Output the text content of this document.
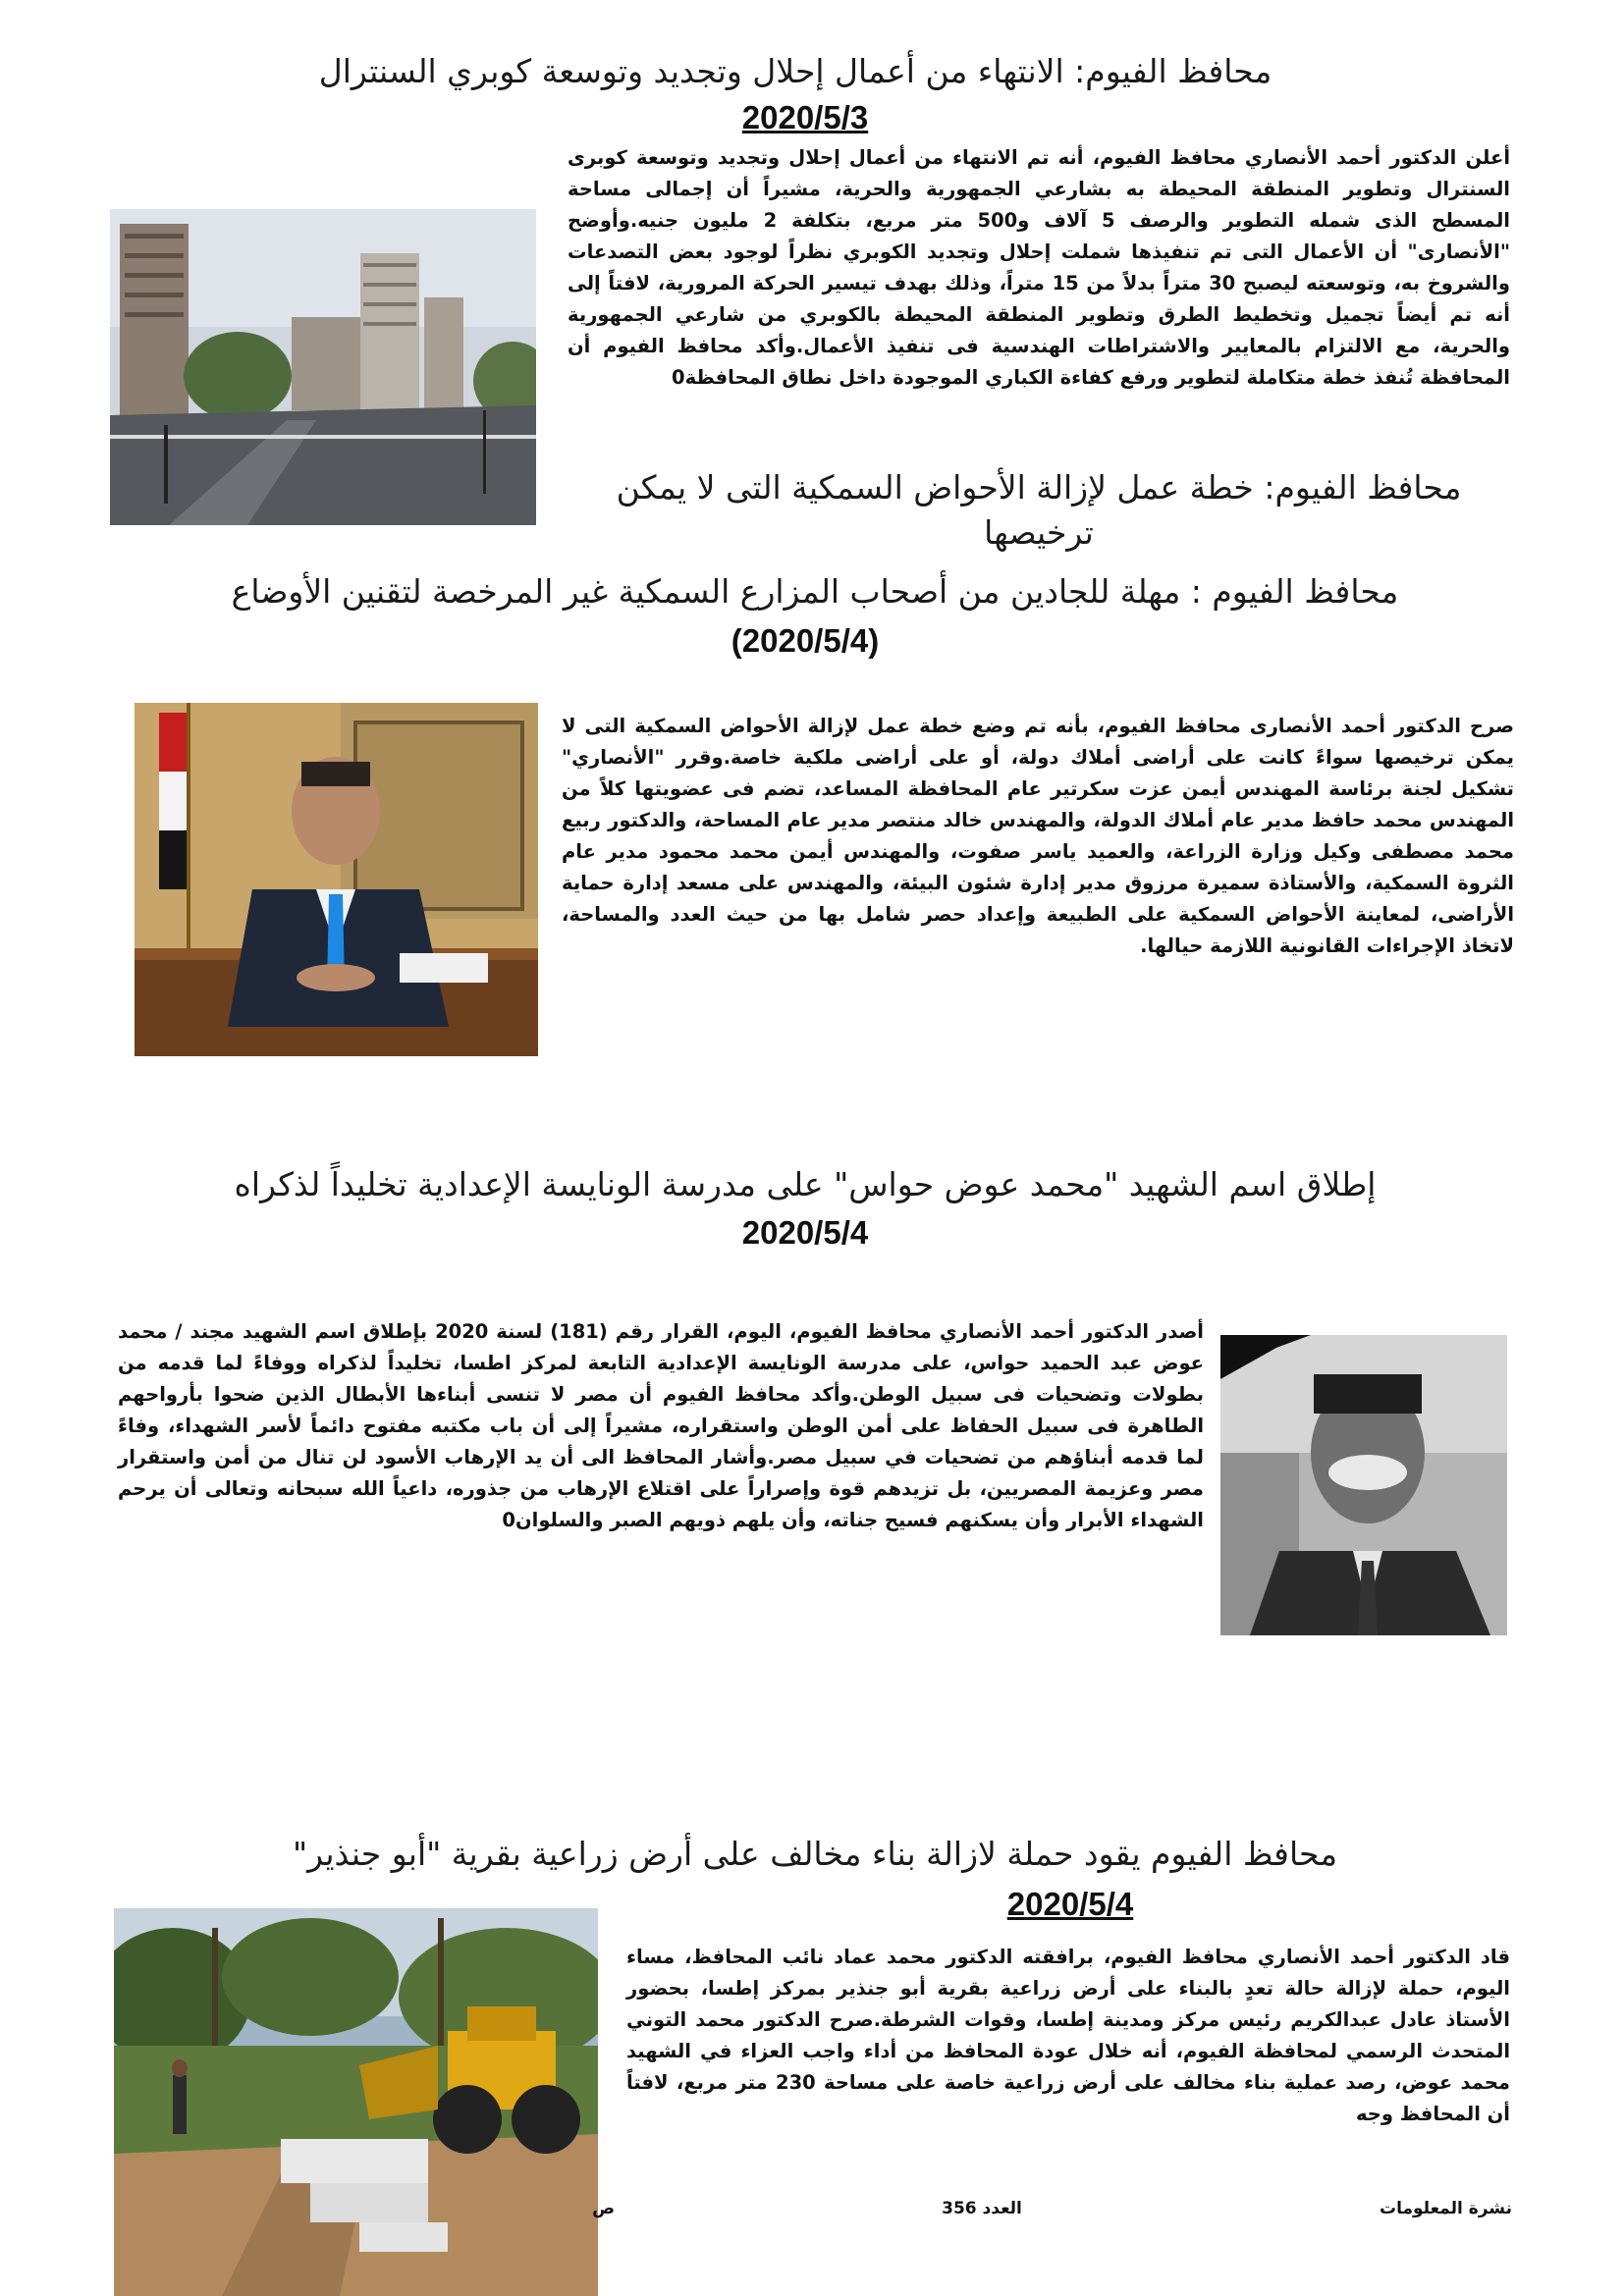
محافظ الفيوم: الانتهاء من أعمال إحلال وتجديد وتوسعة كوبري السنترال
2020/5/3

أعلن الدكتور أحمد الأنصاري محافظ الفيوم، أنه تم الانتهاء من أعمال إحلال وتجديد وتوسعة كوبرى السنترال وتطوير المنطقة المحيطة به بشارعي الجمهورية والحرية، مشيراً أن إجمالى مساحة المسطح الذى شمله التطوير والرصف 5 آلاف و500 متر مربع، بتكلفة 2 مليون جنيه.وأوضح "الأنصارى" أن الأعمال التى تم تنفيذها شملت إحلال وتجديد الكوبري نظراً لوجود بعض التصدعات والشروخ به، وتوسعته ليصبح 30 متراً بدلاً من 15 متراً، وذلك بهدف تيسير الحركة المرورية، لافتاً إلى أنه تم أيضاً تجميل وتخطيط الطرق وتطوير المنطقة المحيطة بالكوبري من شارعي الجمهورية والحرية، مع الالتزام بالمعايير والاشتراطات الهندسية فى تنفيذ الأعمال.وأكد محافظ الفيوم أن المحافظة تُنفذ خطة متكاملة لتطوير ورفع كفاءة الكباري الموجودة داخل نطاق المحافظة0

محافظ الفيوم: خطة عمل لإزالة الأحواض السمكية التى لا يمكن ترخيصها
محافظ الفيوم : مهلة للجادين من أصحاب المزارع السمكية غير المرخصة لتقنين الأوضاع
(2020/5/4)

صرح الدكتور أحمد الأنصارى محافظ الفيوم، بأنه تم وضع خطة عمل لإزالة الأحواض السمكية التى لا يمكن ترخيصها سواءً كانت على أراضى أملاك دولة، أو على أراضى ملكية خاصة.وقرر "الأنصاري" تشكيل لجنة برئاسة المهندس أيمن عزت سكرتير عام المحافظة المساعد، تضم فى عضويتها كلاً من المهندس محمد حافظ مدير عام أملاك الدولة، والمهندس خالد منتصر مدير عام المساحة، والدكتور ربيع محمد مصطفى وكيل وزارة الزراعة، والعميد ياسر صفوت، والمهندس أيمن محمد محمود مدير عام الثروة السمكية، والأستاذة سميرة مرزوق مدير إدارة شئون البيئة، والمهندس على مسعد إدارة حماية الأراضى، لمعاينة الأحواض السمكية على الطبيعة وإعداد حصر شامل بها من حيث العدد والمساحة، لاتخاذ الإجراءات القانونية اللازمة حيالها.

إطلاق اسم الشهيد "محمد عوض حواس" على مدرسة الونايسة الإعدادية تخليداً لذكراه
2020/5/4

أصدر الدكتور أحمد الأنصاري محافظ الفيوم، اليوم، القرار رقم (181) لسنة 2020 بإطلاق اسم الشهيد مجند / محمد عوض عبد الحميد حواس، على مدرسة الونايسة الإعدادية التابعة لمركز اطسا، تخليداً لذكراه ووفاءً لما قدمه من بطولات وتضحيات فى سبيل الوطن.وأكد محافظ الفيوم أن مصر لا تنسى أبناءها الأبطال الذين ضحوا بأرواحهم الطاهرة فى سبيل الحفاظ على أمن الوطن واستقراره، مشيراً إلى أن باب مكتبه مفتوح دائماً لأسر الشهداء، وفاءً لما قدمه أبناؤهم من تضحيات في سبيل مصر.وأشار المحافظ الى أن يد الإرهاب الأسود لن تنال من أمن واستقرار مصر وعزيمة المصريين، بل تزيدهم قوة وإصراراً على اقتلاع الإرهاب من جذوره، داعياً الله سبحانه وتعالى أن يرحم الشهداء الأبرار وأن يسكنهم فسيح جناته، وأن يلهم ذويهم الصبر والسلوان0

محافظ الفيوم يقود حملة لازالة بناء مخالف على أرض زراعية بقرية "أبو جنذير"
2020/5/4

قاد الدكتور أحمد الأنصاري محافظ الفيوم، برافقته الدكتور محمد عماد نائب المحافظ، مساء اليوم، حملة لإزالة حالة تعدٍ بالبناء على أرض زراعية بقرية أبو جنذير بمركز إطسا، بحضور الأستاذ عادل عبدالكريم رئيس مركز ومدينة إطسا، وقوات الشرطة.صرح الدكتور محمد التوني المتحدث الرسمي لمحافظة الفيوم، أنه خلال عودة المحافظ من أداء واجب العزاء في الشهيد محمد عوض، رصد عملية بناء مخالف على أرض زراعية خاصة على مساحة 230 متر مربع، لافتاً أن المحافظ وجه

نشرة المعلومات
العدد 356
ص
